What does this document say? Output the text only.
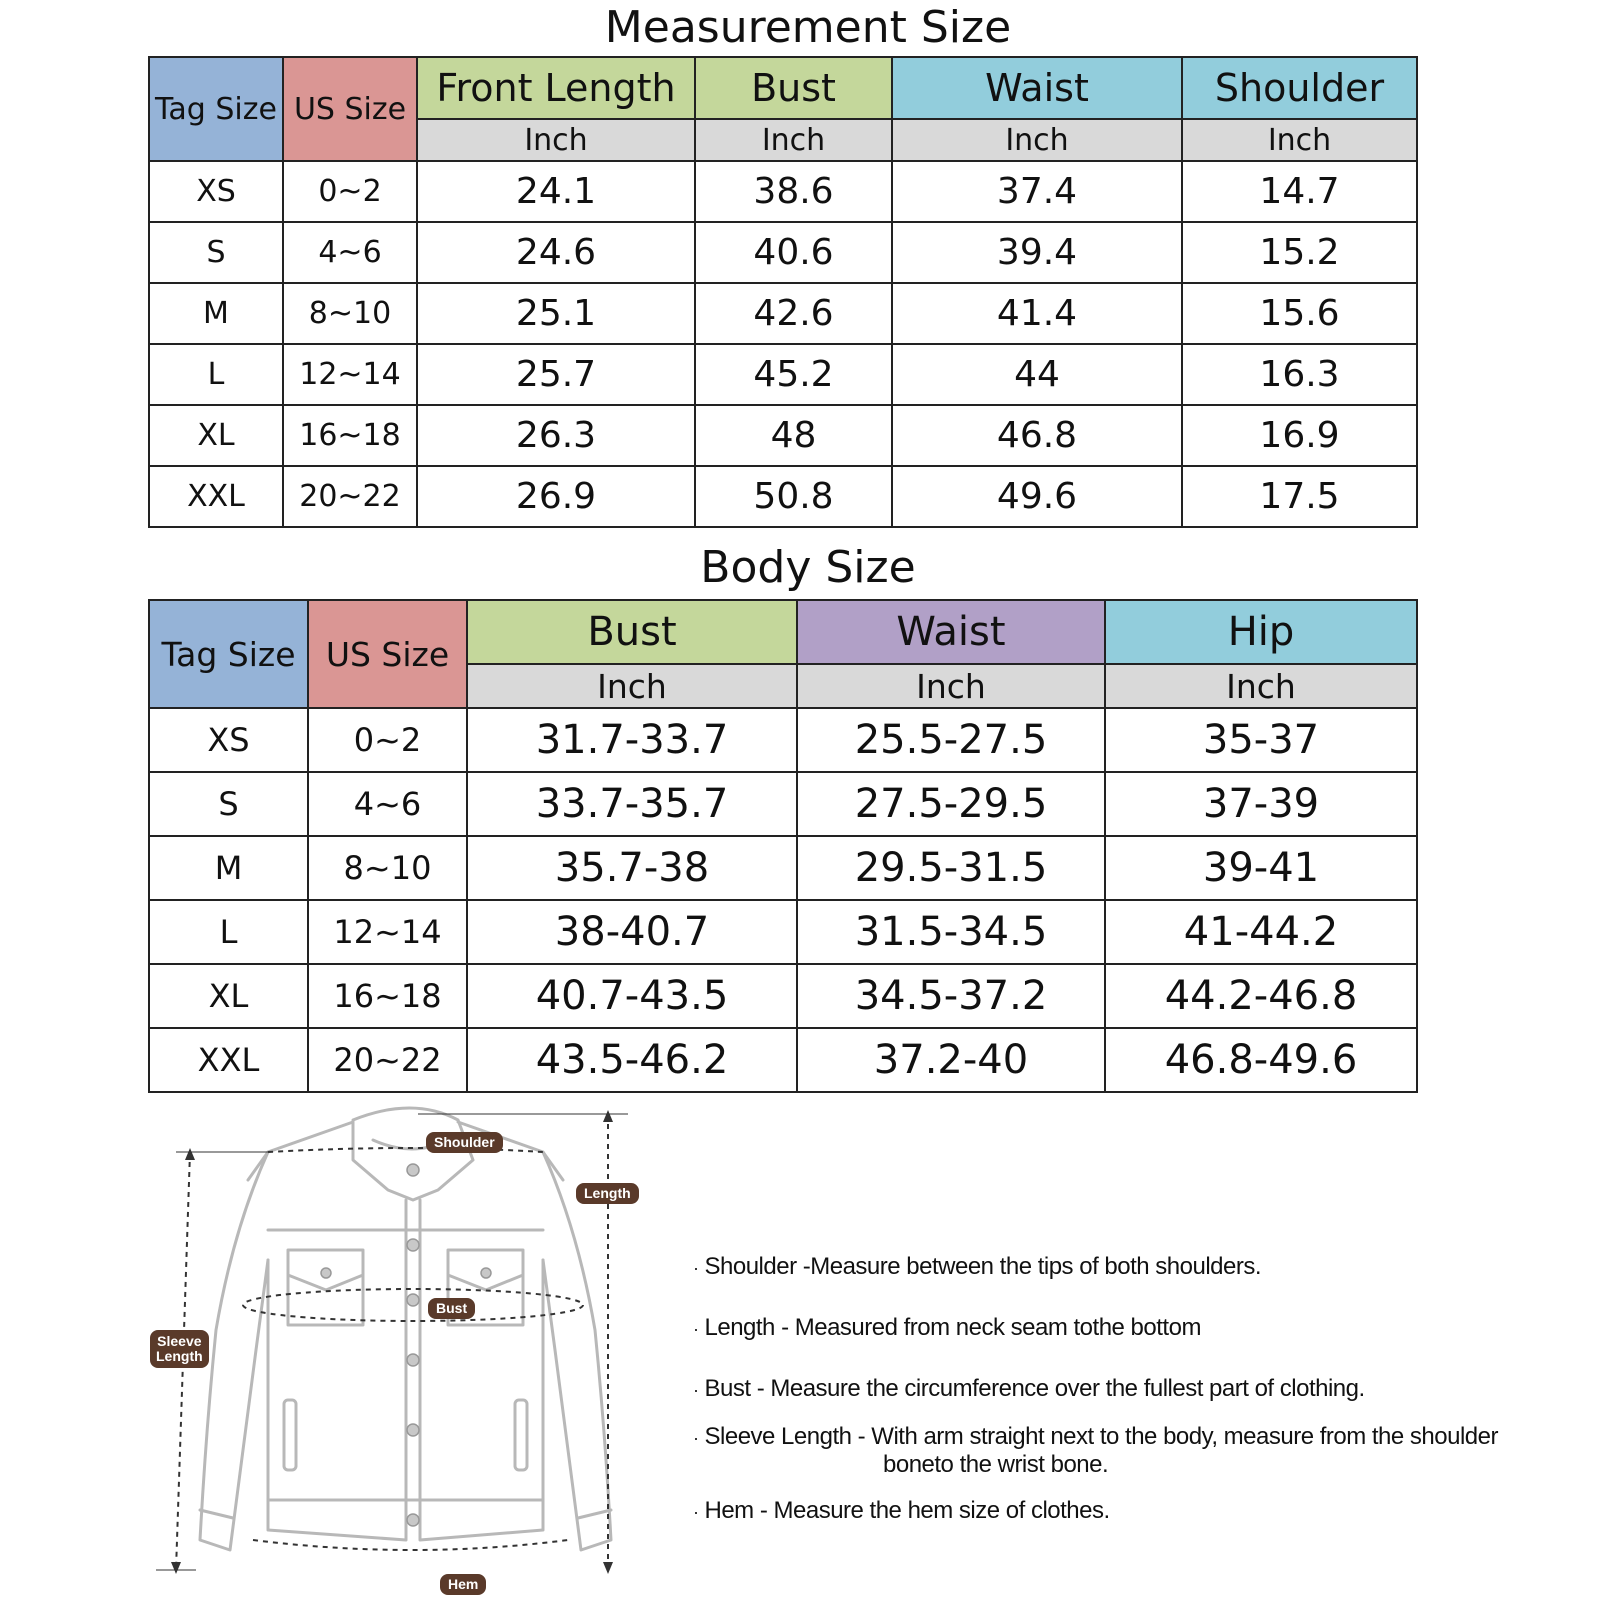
Measurement Size
Tag Size	US Size	Front Length	Bust	Waist	Shoulder
		Inch	Inch	Inch	Inch
XS	0~2	24.1	38.6	37.4	14.7
S	4~6	24.6	40.6	39.4	15.2
M	8~10	25.1	42.6	41.4	15.6
L	12~14	25.7	45.2	44	16.3
XL	16~18	26.3	48	46.8	16.9
XXL	20~22	26.9	50.8	49.6	17.5
Body Size
Tag Size	US Size	Bust	Waist	Hip
		Inch	Inch	Inch
XS	0~2	31.7-33.7	25.5-27.5	35-37
S	4~6	33.7-35.7	27.5-29.5	37-39
M	8~10	35.7-38	29.5-31.5	39-41
L	12~14	38-40.7	31.5-34.5	41-44.2
XL	16~18	40.7-43.5	34.5-37.2	44.2-46.8
XXL	20~22	43.5-46.2	37.2-40	46.8-49.6
Shoulder
Length
Bust
Sleeve
Length
Hem
· Shoulder -Measure between the tips of both shoulders.
· Length - Measured from neck seam tothe bottom
· Bust - Measure the circumference over the fullest part of clothing.
· Sleeve Length - With arm straight next to the body, measure from the shoulder
boneto the wrist bone.
· Hem - Measure the hem size of clothes.
